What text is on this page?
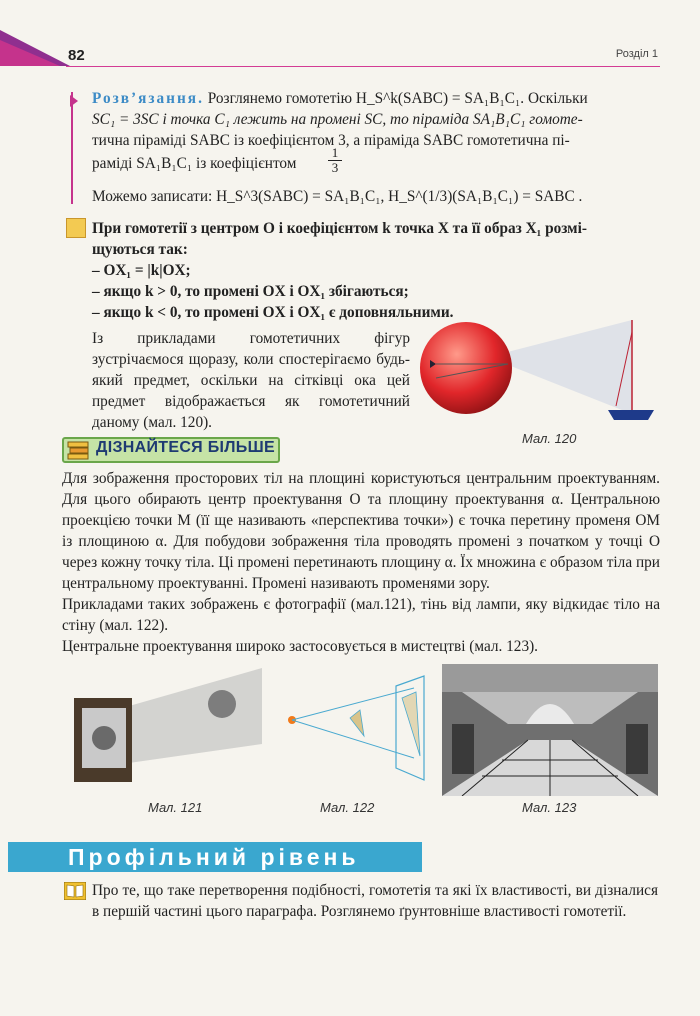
82	Розділ 1
Розв’язання. Розглянемо гомотетію H_S^k(SABC) = SA₁B₁C₁. Оскільки
SC₁ = 3SC і точка C₁ лежить на промені SC, то піраміда SA₁B₁C₁ гомоте-
тична піраміді SABC із коефіцієнтом 3, а піраміда SABC гомотетична пі-
раміді SA₁B₁C₁ із коефіцієнтом
1
3
Можемо записати: H_S^3(SABC) = SA₁B₁C₁, H_S^(1/3)(SA₁B₁C₁) = SABC .
При гомотетії з центром O і коефіцієнтом k точка X та її образ X₁ розмі-
щуються так:
– OX₁ = |k|OX;
– якщо k > 0, то промені OX і OX₁ збігаються;
– якщо k < 0, то промені OX і OX₁ є доповняльними.
Із прикладами гомотетичних фігур зустрічаємося щоразу, коли спостерігаємо будь-який предмет, оскільки на сітківці ока цей предмет відображається як гомотетичний даному (мал. 120).
Мал. 120
ДІЗНАЙТЕСЯ БІЛЬШЕ
Для зображення просторових тіл на площині користуються центральним проектуванням. Для цього обирають центр проектування O та площину проектування α. Центральною проекцією точки M (її ще називають «перспектива точки») є точка перетину променя OM із площиною α. Для побудови зображення тіла проводять промені з початком у точці O через кожну точку тіла. Ці промені перетинають площину α. Їх множина є образом тіла при центральному проектуванні. Промені називають променями зору.
Прикладами таких зображень є фотографії (мал.121), тінь від лампи, яку відкидає тіло на стіну (мал. 122).
Центральне проектування широко застосовується в мистецтві (мал. 123).
Мал. 121	Мал. 122	Мал. 123
Профільний рівень
Про те, що таке перетворення подібності, гомотетія та які їх властивості, ви дізналися в першій частині цього параграфа. Розглянемо ґрунтовніше властивості гомотетії.
